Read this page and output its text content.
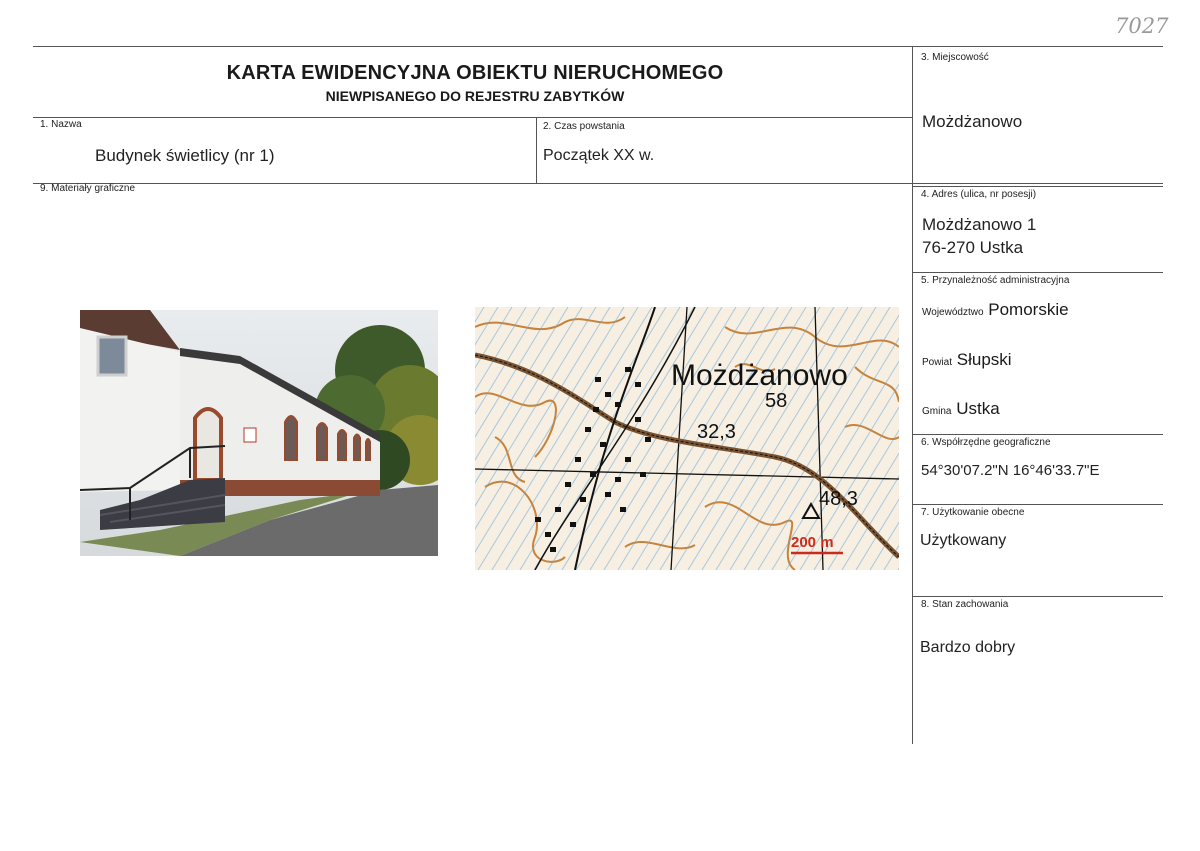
7027
KARTA EWIDENCYJNA OBIEKTU NIERUCHOMEGO
NIEWPISANEGO DO REJESTRU ZABYTKÓW
1. Nazwa
Budynek świetlicy (nr 1)
2. Czas powstania
Początek XX w.
3. Miejscowość
Możdżanowo
4. Adres (ulica, nr posesji)
Możdżanowo 1
76-270 Ustka
5. Przynależność administracyjna
Województwo Pomorskie
Powiat Słupski
Gmina Ustka
6. Współrzędne geograficzne
54°30'07.2"N 16°46'33.7"E
7. Użytkowanie obecne
Użytkowany
8. Stan zachowania
Bardzo dobry
9. Materiały graficzne
Możdżanowo
58
32,3
48,3
200 m
